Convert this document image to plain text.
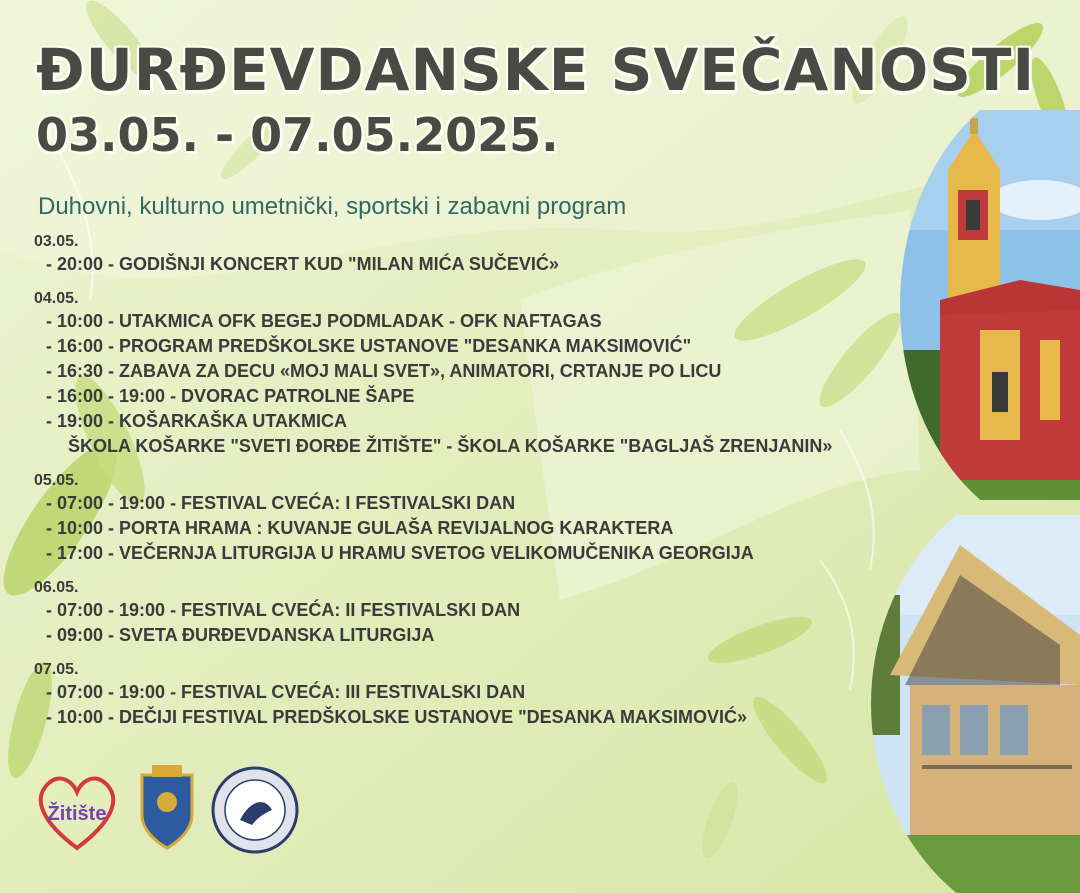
ĐURĐEVDANSKE SVEČANOSTI
03.05. - 07.05.2025.
Duhovni, kulturno umetnički, sportski i zabavni program
03.05.
- 20:00 - GODIŠNJI KONCERT KUD "MILAN MIĆA SUČEVIĆ»
04.05.
- 10:00 - UTAKMICA OFK BEGEJ PODMLADAK - OFK NAFTAGAS
- 16:00 - PROGRAM PREDŠKOLSKE USTANOVE "DESANKA MAKSIMOVIĆ"
- 16:30 - ZABAVA ZA DECU «MOJ MALI SVET», ANIMATORI, CRTANJE PO LICU
- 16:00 - 19:00 - DVORAC PATROLNE ŠAPE
- 19:00 - KOŠARKAŠKA UTAKMICA
ŠKOLA KOŠARKE "SVETI ĐORĐE ŽITIŠTE" - ŠKOLA KOŠARKE "BAGLJAŠ ZRENJANIN»
05.05.
- 07:00 - 19:00 - FESTIVAL CVEĆA: I FESTIVALSKI DAN
- 10:00 - PORTA HRAMA : KUVANJE GULAŠA REVIJALNOG KARAKTERA
- 17:00 - VEČERNJA LITURGIJA U HRAMU SVETOG VELIKOMUČENIKA GEORGIJA
06.05.
- 07:00 - 19:00 - FESTIVAL CVEĆA: II FESTIVALSKI DAN
- 09:00 - SVETA ĐURĐEVDANSKA LITURGIJA
07.05.
- 07:00 - 19:00 - FESTIVAL CVEĆA: III FESTIVALSKI DAN
- 10:00 - DEČIJI FESTIVAL PREDŠKOLSKE USTANOVE "DESANKA MAKSIMOVIĆ»
Žitište
